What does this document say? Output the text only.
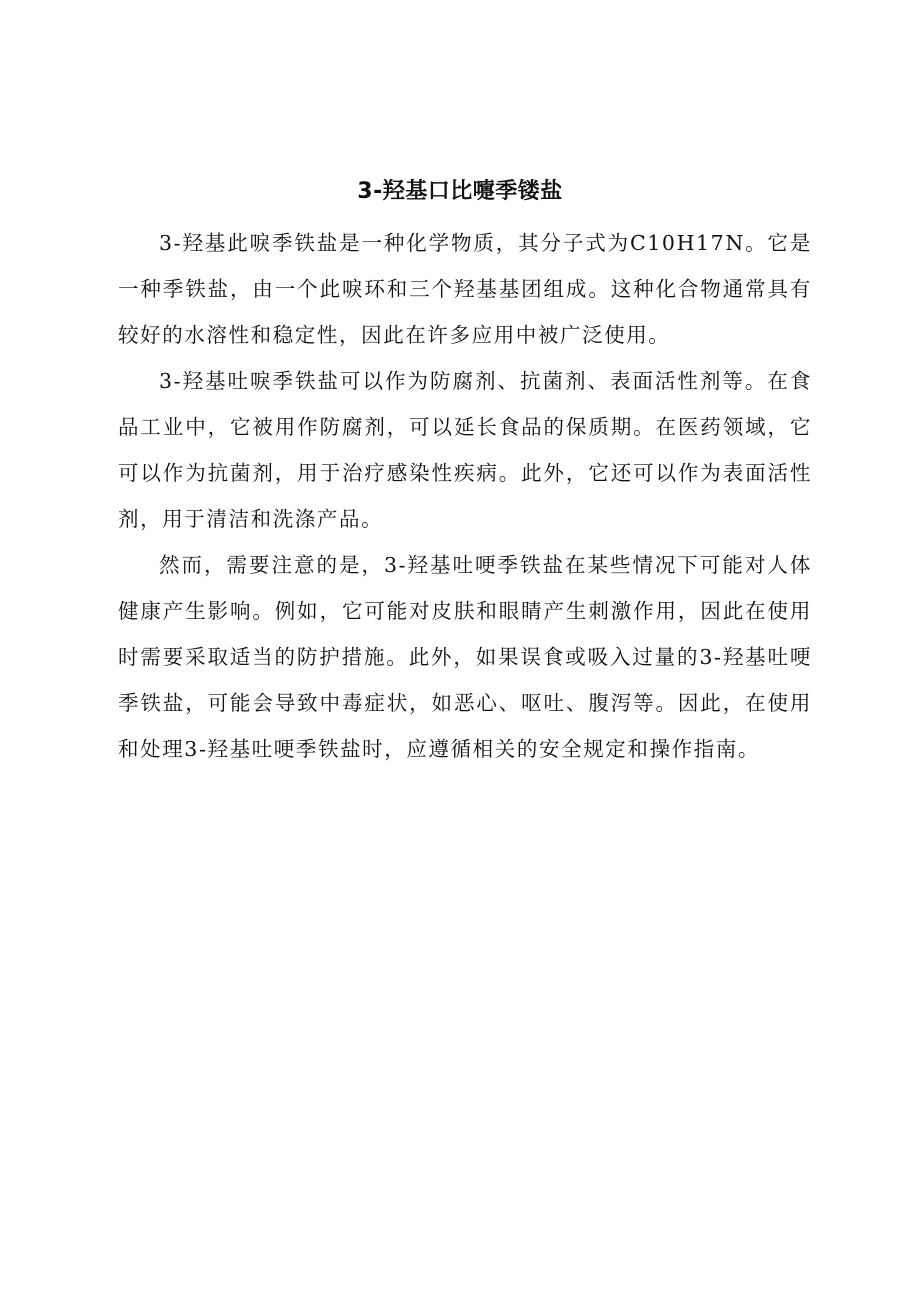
3-羟基口比嚏季镂盐

3-羟基此唳季铁盐是一种化学物质，其分子式为C10H17N。它是一种季铁盐，由一个此唳环和三个羟基基团组成。这种化合物通常具有较好的水溶性和稳定性，因此在许多应用中被广泛使用。

3-羟基吐唳季铁盐可以作为防腐剂、抗菌剂、表面活性剂等。在食品工业中，它被用作防腐剂，可以延长食品的保质期。在医药领域，它可以作为抗菌剂，用于治疗感染性疾病。此外，它还可以作为表面活性剂，用于清洁和洗涤产品。

然而，需要注意的是，3-羟基吐哽季铁盐在某些情况下可能对人体健康产生影响。例如，它可能对皮肤和眼睛产生刺激作用，因此在使用时需要采取适当的防护措施。此外，如果误食或吸入过量的3-羟基吐哽季铁盐，可能会导致中毒症状，如恶心、呕吐、腹泻等。因此，在使用和处理3-羟基吐哽季铁盐时，应遵循相关的安全规定和操作指南。
